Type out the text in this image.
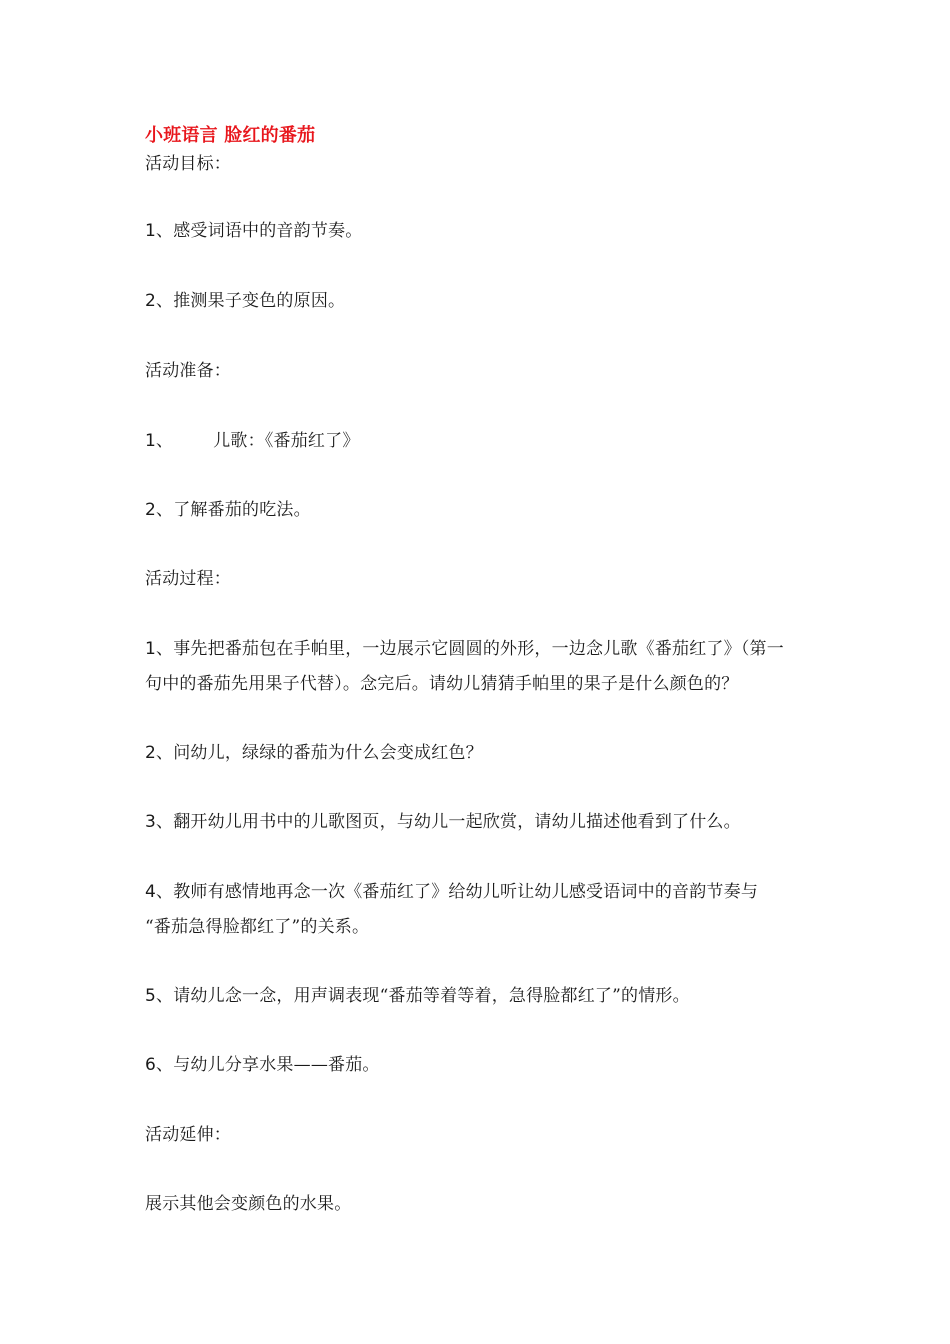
小班语言 脸红的番茄
活动目标：
1、感受词语中的音韵节奏。
2、推测果子变色的原因。
活动准备：
1、 儿歌：《番茄红了》
2、了解番茄的吃法。
活动过程：
1、事先把番茄包在手帕里，一边展示它圆圆的外形，一边念儿歌《番茄红了》（第一
句中的番茄先用果子代替）。念完后。请幼儿猜猜手帕里的果子是什么颜色的？
2、问幼儿，绿绿的番茄为什么会变成红色？
3、翻开幼儿用书中的儿歌图页，与幼儿一起欣赏，请幼儿描述他看到了什么。
4、教师有感情地再念一次《番茄红了》给幼儿听让幼儿感受语词中的音韵节奏与
“番茄急得脸都红了”的关系。
5、请幼儿念一念，用声调表现“番茄等着等着，急得脸都红了”的情形。
6、与幼儿分享水果——番茄。
活动延伸：
展示其他会变颜色的水果。
